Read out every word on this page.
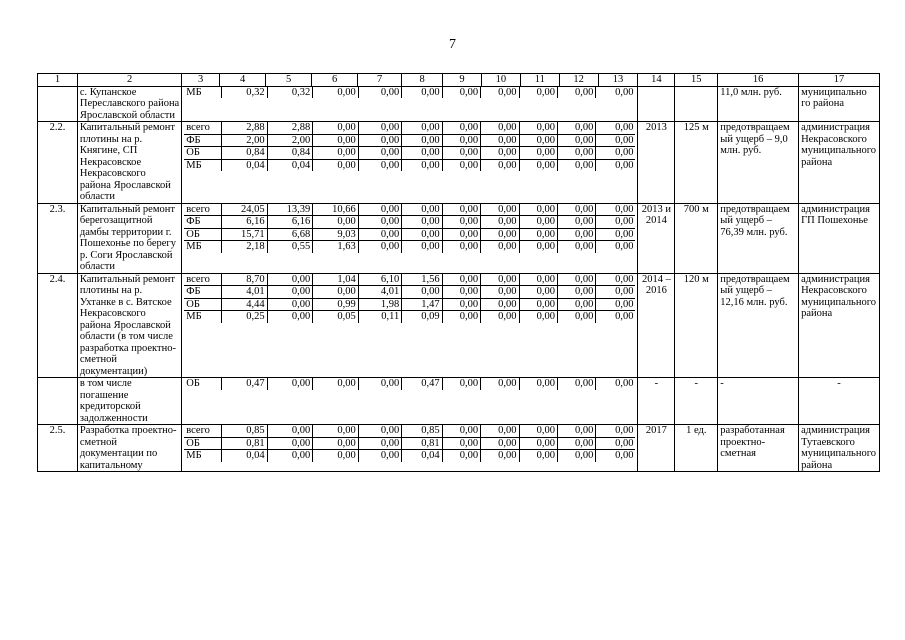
7
1	2	3	4	5	6	7	8	9	10	11	12	13	14	15	16	17
	с. Купанское Переславского района Ярославской области	
МБ	0,32	0,32	0,00	0,00	0,00	0,00	0,00	0,00	0,00	0,00
				11,0 млн. руб.	муниципально го района
2.2.	Капитальный ремонт плотины на р. Княгине, СП Некрасовское Некрасовского района Ярославской области	
всего	2,88	2,88	0,00	0,00	0,00	0,00	0,00	0,00	0,00	0,00
ФБ	2,00	2,00	0,00	0,00	0,00	0,00	0,00	0,00	0,00	0,00
ОБ	0,84	0,84	0,00	0,00	0,00	0,00	0,00	0,00	0,00	0,00
МБ	0,04	0,04	0,00	0,00	0,00	0,00	0,00	0,00	0,00	0,00
	2013	125 м	предотвращаемый ущерб – 9,0 млн. руб.	администрация Некрасовского муниципального района
2.3.	Капитальный ремонт берегозащитной дамбы территории г. Пошехонье по берегу р. Соги Ярославской области	
всего	24,05	13,39	10,66	0,00	0,00	0,00	0,00	0,00	0,00	0,00
ФБ	6,16	6,16	0,00	0,00	0,00	0,00	0,00	0,00	0,00	0,00
ОБ	15,71	6,68	9,03	0,00	0,00	0,00	0,00	0,00	0,00	0,00
МБ	2,18	0,55	1,63	0,00	0,00	0,00	0,00	0,00	0,00	0,00
	2013 и 2014	700 м	предотвращаемый ущерб – 76,39 млн. руб.	администрация ГП Пошехонье
2.4.	Капитальный ремонт плотины на р. Ухтанке в с. Вятское Некрасовского района Ярославской области (в том числе разработка проектно-сметной документации)	
всего	8,70	0,00	1,04	6,10	1,56	0,00	0,00	0,00	0,00	0,00
ФБ	4,01	0,00	0,00	4,01	0,00	0,00	0,00	0,00	0,00	0,00
ОБ	4,44	0,00	0,99	1,98	1,47	0,00	0,00	0,00	0,00	0,00
МБ	0,25	0,00	0,05	0,11	0,09	0,00	0,00	0,00	0,00	0,00
	2014 – 2016	120 м	предотвращаемый ущерб – 12,16 млн. руб.	администрация Некрасовского муниципального района
	в том числе погашение кредиторской задолженности	
ОБ	0,47	0,00	0,00	0,00	0,47	0,00	0,00	0,00	0,00	0,00
	-	-	-	-
2.5.	Разработка проектно-сметной документации по капитальному	
всего	0,85	0,00	0,00	0,00	0,85	0,00	0,00	0,00	0,00	0,00
ОБ	0,81	0,00	0,00	0,00	0,81	0,00	0,00	0,00	0,00	0,00
МБ	0,04	0,00	0,00	0,00	0,04	0,00	0,00	0,00	0,00	0,00
	2017	1 ед.	разработанная проектно-сметная	администрация Тутаевского муниципального района
